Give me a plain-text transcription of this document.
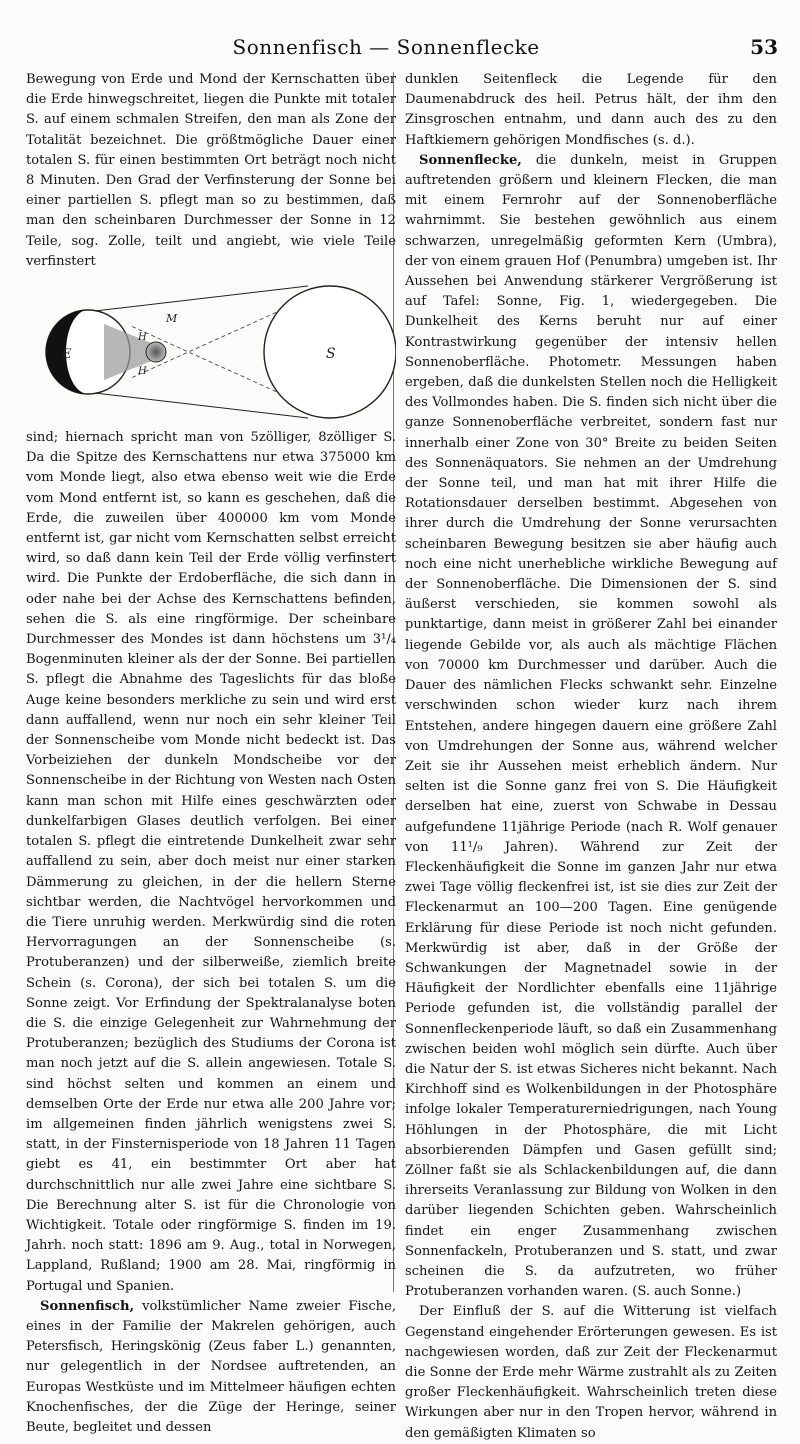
Sonnenfisch — Sonnenflecke	53

Bewegung von Erde und Mond der Kernschatten über die Erde hinwegschreitet, liegen die Punkte mit totaler S. auf einem schmalen Streifen, den man als Zone der Totalität bezeichnet. Die größtmögliche Dauer einer totalen S. für einen bestimmten Ort beträgt noch nicht 8 Minuten. Den Grad der Verfinsterung der Sonne bei einer partiellen S. pflegt man so zu bestimmen, daß man den scheinbaren Durchmesser der Sonne in 12 Teile, sog. Zolle, teilt und angiebt, wie viele Teile verfinstert

E
M
S
H
H

sind; hiernach spricht man von 5zölliger, 8zölliger S. Da die Spitze des Kernschattens nur etwa 375000 km vom Monde liegt, also etwa ebenso weit wie die Erde vom Mond entfernt ist, so kann es geschehen, daß die Erde, die zuweilen über 400000 km vom Monde entfernt ist, gar nicht vom Kernschatten selbst erreicht wird, so daß dann kein Teil der Erde völlig verfinstert wird. Die Punkte der Erdoberfläche, die sich dann in oder nahe bei der Achse des Kernschattens befinden, sehen die S. als eine ringförmige. Der scheinbare Durchmesser des Mondes ist dann höchstens um 3¹/₄ Bogenminuten kleiner als der der Sonne. Bei partiellen S. pflegt die Abnahme des Tageslichts für das bloße Auge keine besonders merkliche zu sein und wird erst dann auffallend, wenn nur noch ein sehr kleiner Teil der Sonnenscheibe vom Monde nicht bedeckt ist. Das Vorbeiziehen der dunkeln Mondscheibe vor der Sonnenscheibe in der Richtung von Westen nach Osten kann man schon mit Hilfe eines geschwärzten oder dunkelfarbigen Glases deutlich verfolgen. Bei einer totalen S. pflegt die eintretende Dunkelheit zwar sehr auffallend zu sein, aber doch meist nur einer starken Dämmerung zu gleichen, in der die hellern Sterne sichtbar werden, die Nachtvögel hervorkommen und die Tiere unruhig werden. Merkwürdig sind die roten Hervorragungen an der Sonnenscheibe (s. Protuberanzen) und der silberweiße, ziemlich breite Schein (s. Corona), der sich bei totalen S. um die Sonne zeigt. Vor Erfindung der Spektralanalyse boten die S. die einzige Gelegenheit zur Wahrnehmung der Protuberanzen; bezüglich des Studiums der Corona ist man noch jetzt auf die S. allein angewiesen. Totale S. sind höchst selten und kommen an einem und demselben Orte der Erde nur etwa alle 200 Jahre vor; im allgemeinen finden jährlich wenigstens zwei S. statt, in der Finsternisperiode von 18 Jahren 11 Tagen giebt es 41, ein bestimmter Ort aber hat durchschnittlich nur alle zwei Jahre eine sichtbare S. Die Berechnung alter S. ist für die Chronologie von Wichtigkeit. Totale oder ringförmige S. finden im 19. Jahrh. noch statt: 1896 am 9. Aug., total in Norwegen, Lappland, Rußland; 1900 am 28. Mai, ringförmig in Portugal und Spanien.

Sonnenfisch, volkstümlicher Name zweier Fische, eines in der Familie der Makrelen gehörigen, auch Petersfisch, Heringskönig (Zeus faber L.) genannten, nur gelegentlich in der Nordsee auftretenden, an Europas Westküste und im Mittelmeer häufigen echten Knochenfisches, der die Züge der Heringe, seiner Beute, begleitet und dessen

dunklen Seitenfleck die Legende für den Daumenabdruck des heil. Petrus hält, der ihm den Zinsgroschen entnahm, und dann auch des zu den Haftkiemern gehörigen Mondfisches (s. d.).

Sonnenflecke, die dunkeln, meist in Gruppen auftretenden größern und kleinern Flecken, die man mit einem Fernrohr auf der Sonnenoberfläche wahrnimmt. Sie bestehen gewöhnlich aus einem schwarzen, unregelmäßig geformten Kern (Umbra), der von einem grauen Hof (Penumbra) umgeben ist. Ihr Aussehen bei Anwendung stärkerer Vergrößerung ist auf Tafel: Sonne, Fig. 1, wiedergegeben. Die Dunkelheit des Kerns beruht nur auf einer Kontrastwirkung gegenüber der intensiv hellen Sonnenoberfläche. Photometr. Messungen haben ergeben, daß die dunkelsten Stellen noch die Helligkeit des Vollmondes haben. Die S. finden sich nicht über die ganze Sonnenoberfläche verbreitet, sondern fast nur innerhalb einer Zone von 30° Breite zu beiden Seiten des Sonnenäquators. Sie nehmen an der Umdrehung der Sonne teil, und man hat mit ihrer Hilfe die Rotationsdauer derselben bestimmt. Abgesehen von ihrer durch die Umdrehung der Sonne verursachten scheinbaren Bewegung besitzen sie aber häufig auch noch eine nicht unerhebliche wirkliche Bewegung auf der Sonnenoberfläche. Die Dimensionen der S. sind äußerst verschieden, sie kommen sowohl als punktartige, dann meist in größerer Zahl bei einander liegende Gebilde vor, als auch als mächtige Flächen von 70000 km Durchmesser und darüber. Auch die Dauer des nämlichen Flecks schwankt sehr. Einzelne verschwinden schon wieder kurz nach ihrem Entstehen, andere hingegen dauern eine größere Zahl von Umdrehungen der Sonne aus, während welcher Zeit sie ihr Aussehen meist erheblich ändern. Nur selten ist die Sonne ganz frei von S. Die Häufigkeit derselben hat eine, zuerst von Schwabe in Dessau aufgefundene 11jährige Periode (nach R. Wolf genauer von 11¹/₉ Jahren). Während zur Zeit der Fleckenhäufigkeit die Sonne im ganzen Jahr nur etwa zwei Tage völlig fleckenfrei ist, ist sie dies zur Zeit der Fleckenarmut an 100—200 Tagen. Eine genügende Erklärung für diese Periode ist noch nicht gefunden. Merkwürdig ist aber, daß in der Größe der Schwankungen der Magnetnadel sowie in der Häufigkeit der Nordlichter ebenfalls eine 11jährige Periode gefunden ist, die vollständig parallel der Sonnenfleckenperiode läuft, so daß ein Zusammenhang zwischen beiden wohl möglich sein dürfte. Auch über die Natur der S. ist etwas Sicheres nicht bekannt. Nach Kirchhoff sind es Wolkenbildungen in der Photosphäre infolge lokaler Temperaturerniedrigungen, nach Young Höhlungen in der Photosphäre, die mit Licht absorbierenden Dämpfen und Gasen gefüllt sind; Zöllner faßt sie als Schlackenbildungen auf, die dann ihrerseits Veranlassung zur Bildung von Wolken in den darüber liegenden Schichten geben. Wahrscheinlich findet ein enger Zusammenhang zwischen Sonnenfackeln, Protuberanzen und S. statt, und zwar scheinen die S. da aufzutreten, wo früher Protuberanzen vorhanden waren. (S. auch Sonne.)

Der Einfluß der S. auf die Witterung ist vielfach Gegenstand eingehender Erörterungen gewesen. Es ist nachgewiesen worden, daß zur Zeit der Fleckenarmut die Sonne der Erde mehr Wärme zustrahlt als zu Zeiten großer Fleckenhäufigkeit. Wahrscheinlich treten diese Wirkungen aber nur in den Tropen hervor, während in den gemäßigten Klimaten so
